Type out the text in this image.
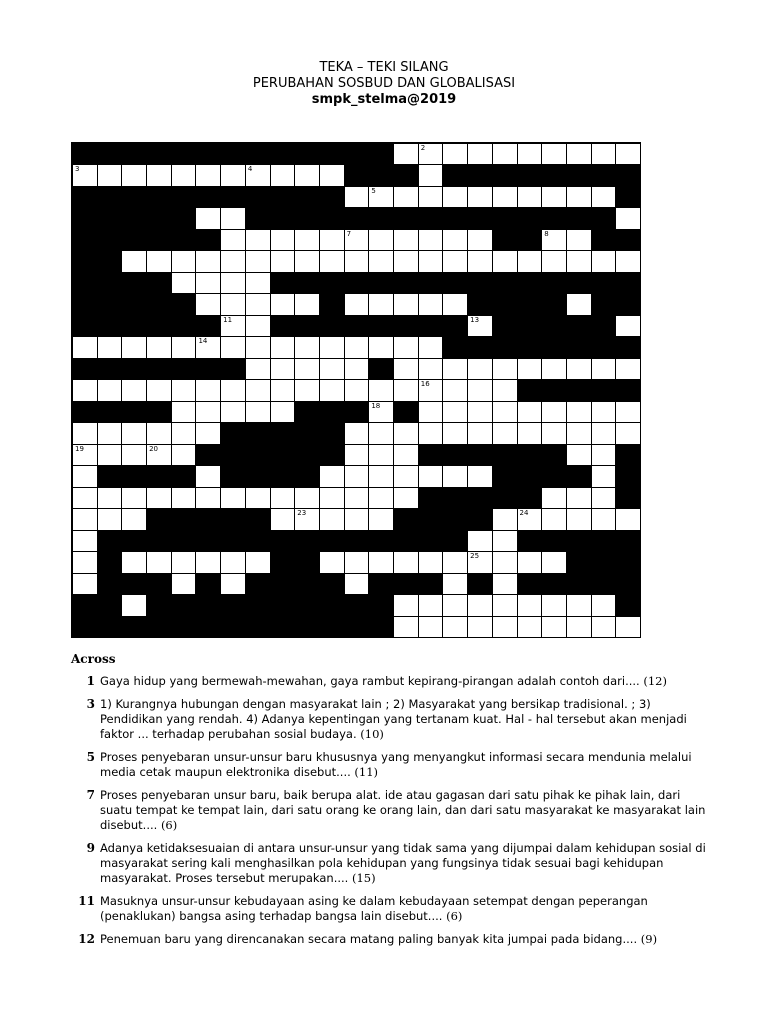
TEKA – TEKI SILANG
PERUBAHAN SOSBUD DAN GLOBALISASI
smpk_stelma@2019
1	2
3	4
5
6
7	8
9	10
11	12	13
14
15
16
17	18
19	20	21
22	23	24
25
26
27
Across
1 Gaya hidup yang bermewah-mewahan, gaya rambut kepirang-pirangan adalah contoh dari.... (12)
3 1) Kurangnya hubungan dengan masyarakat lain ; 2) Masyarakat yang bersikap tradisional. ; 3) Pendidikan yang rendah. 4) Adanya kepentingan yang tertanam kuat. Hal - hal tersebut akan menjadi faktor ... terhadap perubahan sosial budaya. (10)
5 Proses penyebaran unsur-unsur baru khususnya yang menyangkut informasi secara mendunia melalui media cetak maupun elektronika disebut.... (11)
7 Proses penyebaran unsur baru, baik berupa alat. ide atau gagasan dari satu pihak ke pihak lain, dari suatu tempat ke tempat lain, dari satu orang ke orang lain, dan dari satu masyarakat ke masyarakat lain disebut.... (6)
9 Adanya ketidaksesuaian di antara unsur-unsur yang tidak sama yang dijumpai dalam kehidupan sosial di masyarakat sering kali menghasilkan pola kehidupan yang fungsinya tidak sesuai bagi kehidupan masyarakat. Proses tersebut merupakan.... (15)
11 Masuknya unsur-unsur kebudayaan asing ke dalam kebudayaan setempat dengan peperangan (penaklukan) bangsa asing terhadap bangsa lain disebut.... (6)
12 Penemuan baru yang direncanakan secara matang paling banyak kita jumpai pada bidang.... (9)
